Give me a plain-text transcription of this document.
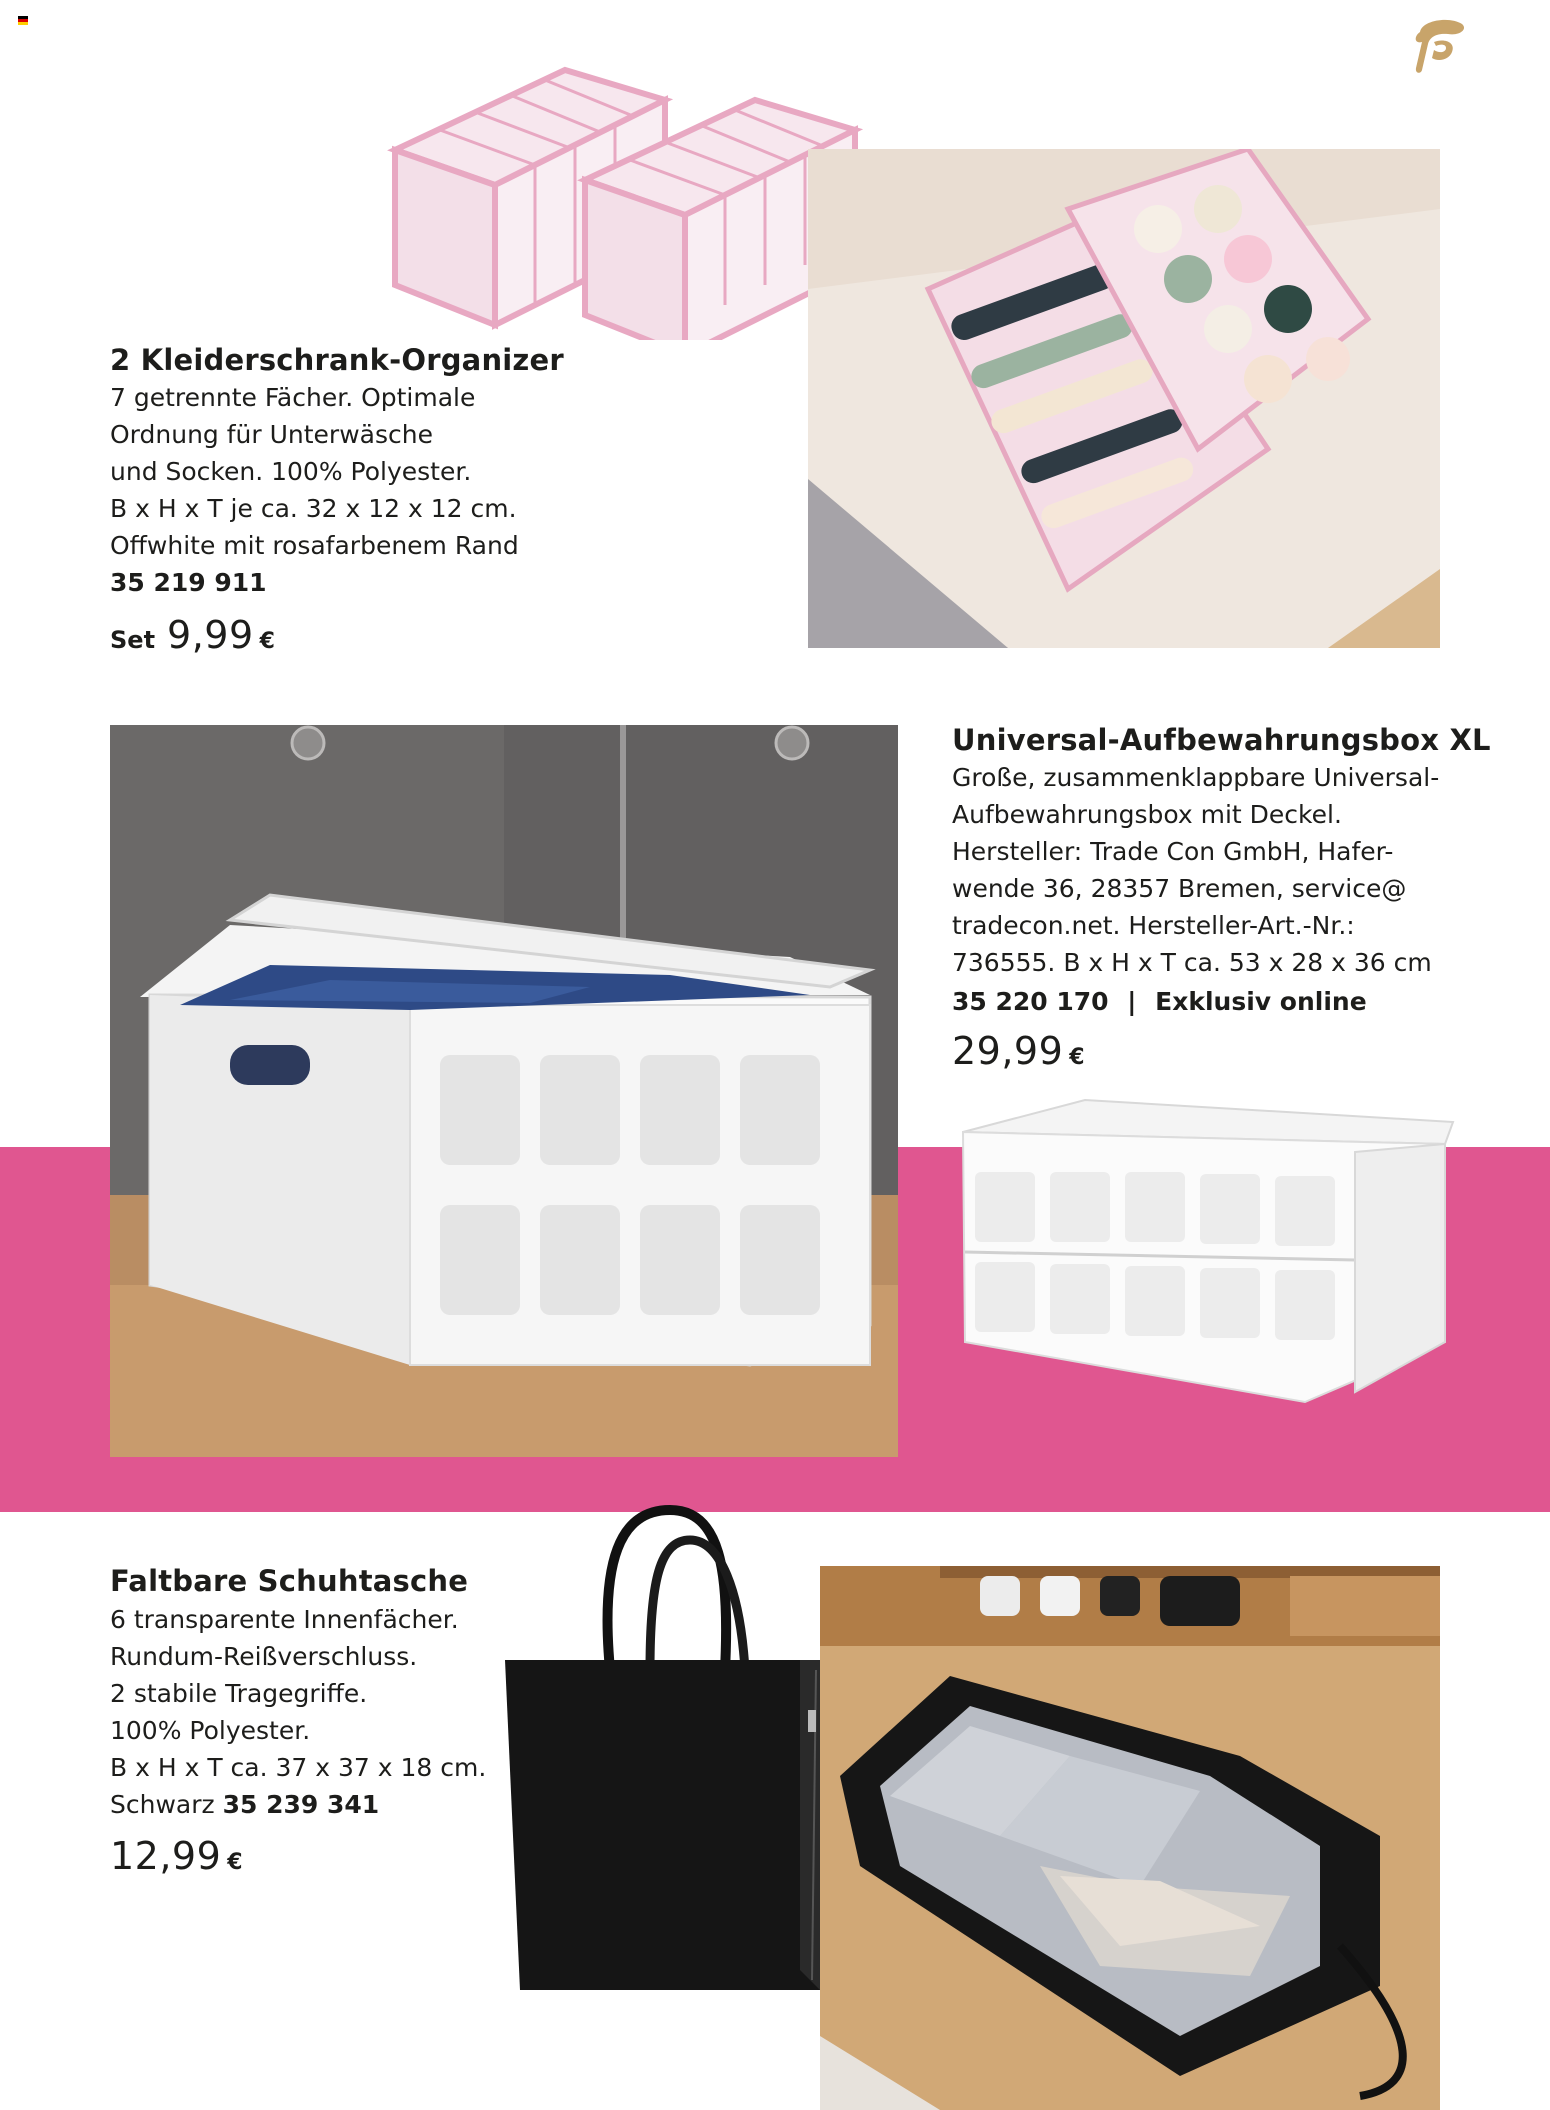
2 Kleiderschrank-Organizer
7 getrennte Fächer. Optimale
Ordnung für Unterwäsche
und Socken. 100% Polyester.
B x H x T je ca. 32 x 12 x 12 cm.
Offwhite mit rosafarbenem Rand
35 219 911
Set 9,99 €
Universal-Aufbewahrungsbox XL
Große, zusammenklappbare Universal-
Aufbewahrungsbox mit Deckel.
Hersteller: Trade Con GmbH, Hafer-
wende 36, 28357 Bremen, service@
tradecon.net. Hersteller-Art.-Nr.:
736555. B x H x T ca. 53 x 28 x 36 cm
35 220 170 | Exklusiv online
29,99 €
Faltbare Schuhtasche
6 transparente Innenfächer.
Rundum-Reißverschluss.
2 stabile Tragegriffe.
100% Polyester.
B x H x T ca. 37 x 37 x 18 cm.
Schwarz 35 239 341
12,99 €
